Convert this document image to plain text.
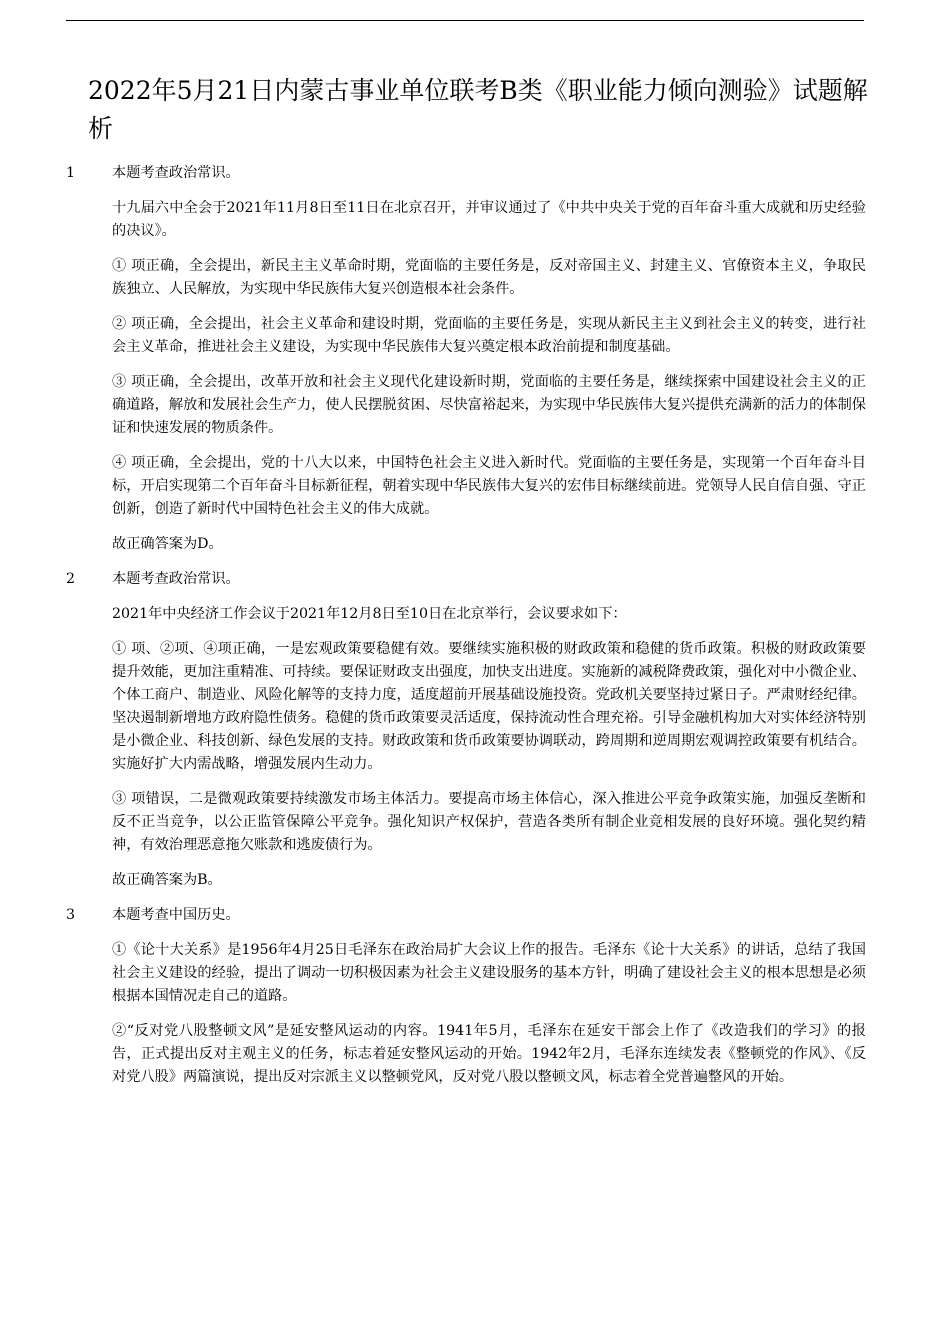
2022年5月21日内蒙古事业单位联考B类《职业能力倾向测验》试题解析
1	本题考查政治常识。

十九届六中全会于2021年11月8日至11日在北京召开，并审议通过了《中共中央关于党的百年奋斗重大成就和历史经验的决议》。

① 项正确，全会提出，新民主主义革命时期，党面临的主要任务是，反对帝国主义、封建主义、官僚资本主义，争取民族独立、人民解放，为实现中华民族伟大复兴创造根本社会条件。

② 项正确，全会提出，社会主义革命和建设时期，党面临的主要任务是，实现从新民主主义到社会主义的转变，进行社会主义革命，推进社会主义建设，为实现中华民族伟大复兴奠定根本政治前提和制度基础。

③ 项正确，全会提出，改革开放和社会主义现代化建设新时期，党面临的主要任务是，继续探索中国建设社会主义的正确道路，解放和发展社会生产力，使人民摆脱贫困、尽快富裕起来，为实现中华民族伟大复兴提供充满新的活力的体制保证和快速发展的物质条件。

④ 项正确，全会提出，党的十八大以来，中国特色社会主义进入新时代。党面临的主要任务是，实现第一个百年奋斗目标，开启实现第二个百年奋斗目标新征程，朝着实现中华民族伟大复兴的宏伟目标继续前进。党领导人民自信自强、守正创新，创造了新时代中国特色社会主义的伟大成就。

故正确答案为D。

2	本题考查政治常识。

2021年中央经济工作会议于2021年12月8日至10日在北京举行，会议要求如下：

① 项、②项、④项正确，一是宏观政策要稳健有效。要继续实施积极的财政政策和稳健的货币政策。积极的财政政策要提升效能，更加注重精准、可持续。要保证财政支出强度，加快支出进度。实施新的减税降费政策，强化对中小微企业、个体工商户、制造业、风险化解等的支持力度，适度超前开展基础设施投资。党政机关要坚持过紧日子。严肃财经纪律。坚决遏制新增地方政府隐性债务。稳健的货币政策要灵活适度，保持流动性合理充裕。引导金融机构加大对实体经济特别是小微企业、科技创新、绿色发展的支持。财政政策和货币政策要协调联动，跨周期和逆周期宏观调控政策要有机结合。实施好扩大内需战略，增强发展内生动力。

③ 项错误，二是微观政策要持续激发市场主体活力。要提高市场主体信心，深入推进公平竞争政策实施，加强反垄断和反不正当竞争，以公正监管保障公平竞争。强化知识产权保护，营造各类所有制企业竞相发展的良好环境。强化契约精神，有效治理恶意拖欠账款和逃废债行为。

故正确答案为B。

3	本题考查中国历史。

①《论十大关系》是1956年4月25日毛泽东在政治局扩大会议上作的报告。毛泽东《论十大关系》的讲话，总结了我国社会主义建设的经验，提出了调动一切积极因素为社会主义建设服务的基本方针，明确了建设社会主义的根本思想是必须根据本国情况走自己的道路。

②“反对党八股整顿文风”是延安整风运动的内容。1941年5月，毛泽东在延安干部会上作了《改造我们的学习》的报告，正式提出反对主观主义的任务，标志着延安整风运动的开始。1942年2月，毛泽东连续发表《整顿党的作风》、《反对党八股》两篇演说，提出反对宗派主义以整顿党风，反对党八股以整顿文风，标志着全党普遍整风的开始。
